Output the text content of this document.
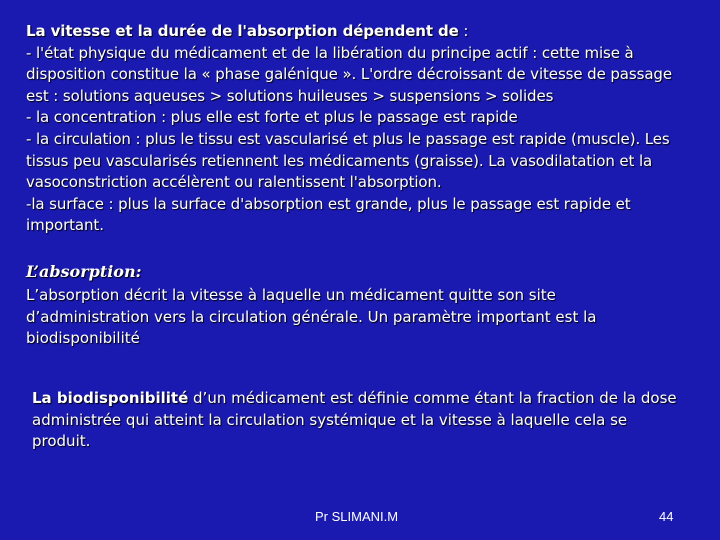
La vitesse et la durée de l'absorption dépendent de :

- l'état physique du médicament et de la libération du principe actif : cette mise à disposition constitue la « phase galénique ». L'ordre décroissant de vitesse de passage est : solutions aqueuses > solutions huileuses > suspensions > solides

- la concentration : plus elle est forte et plus le passage est rapide

- la circulation : plus le tissu est vascularisé et plus le passage est rapide (muscle). Les tissus peu vascularisés retiennent les médicaments (graisse). La vasodilatation et la vasoconstriction accélèrent ou ralentissent l'absorption.

-la surface : plus la surface d'absorption est grande, plus le passage est rapide et important.

L’absorption:

L’absorption décrit la vitesse à laquelle un médicament quitte son site d’administration vers la circulation générale. Un paramètre important est la biodisponibilité

La biodisponibilité d’un médicament est définie comme étant la fraction de la dose administrée qui atteint la circulation systémique et la vitesse à laquelle cela se produit.

Pr SLIMANI.M	44
